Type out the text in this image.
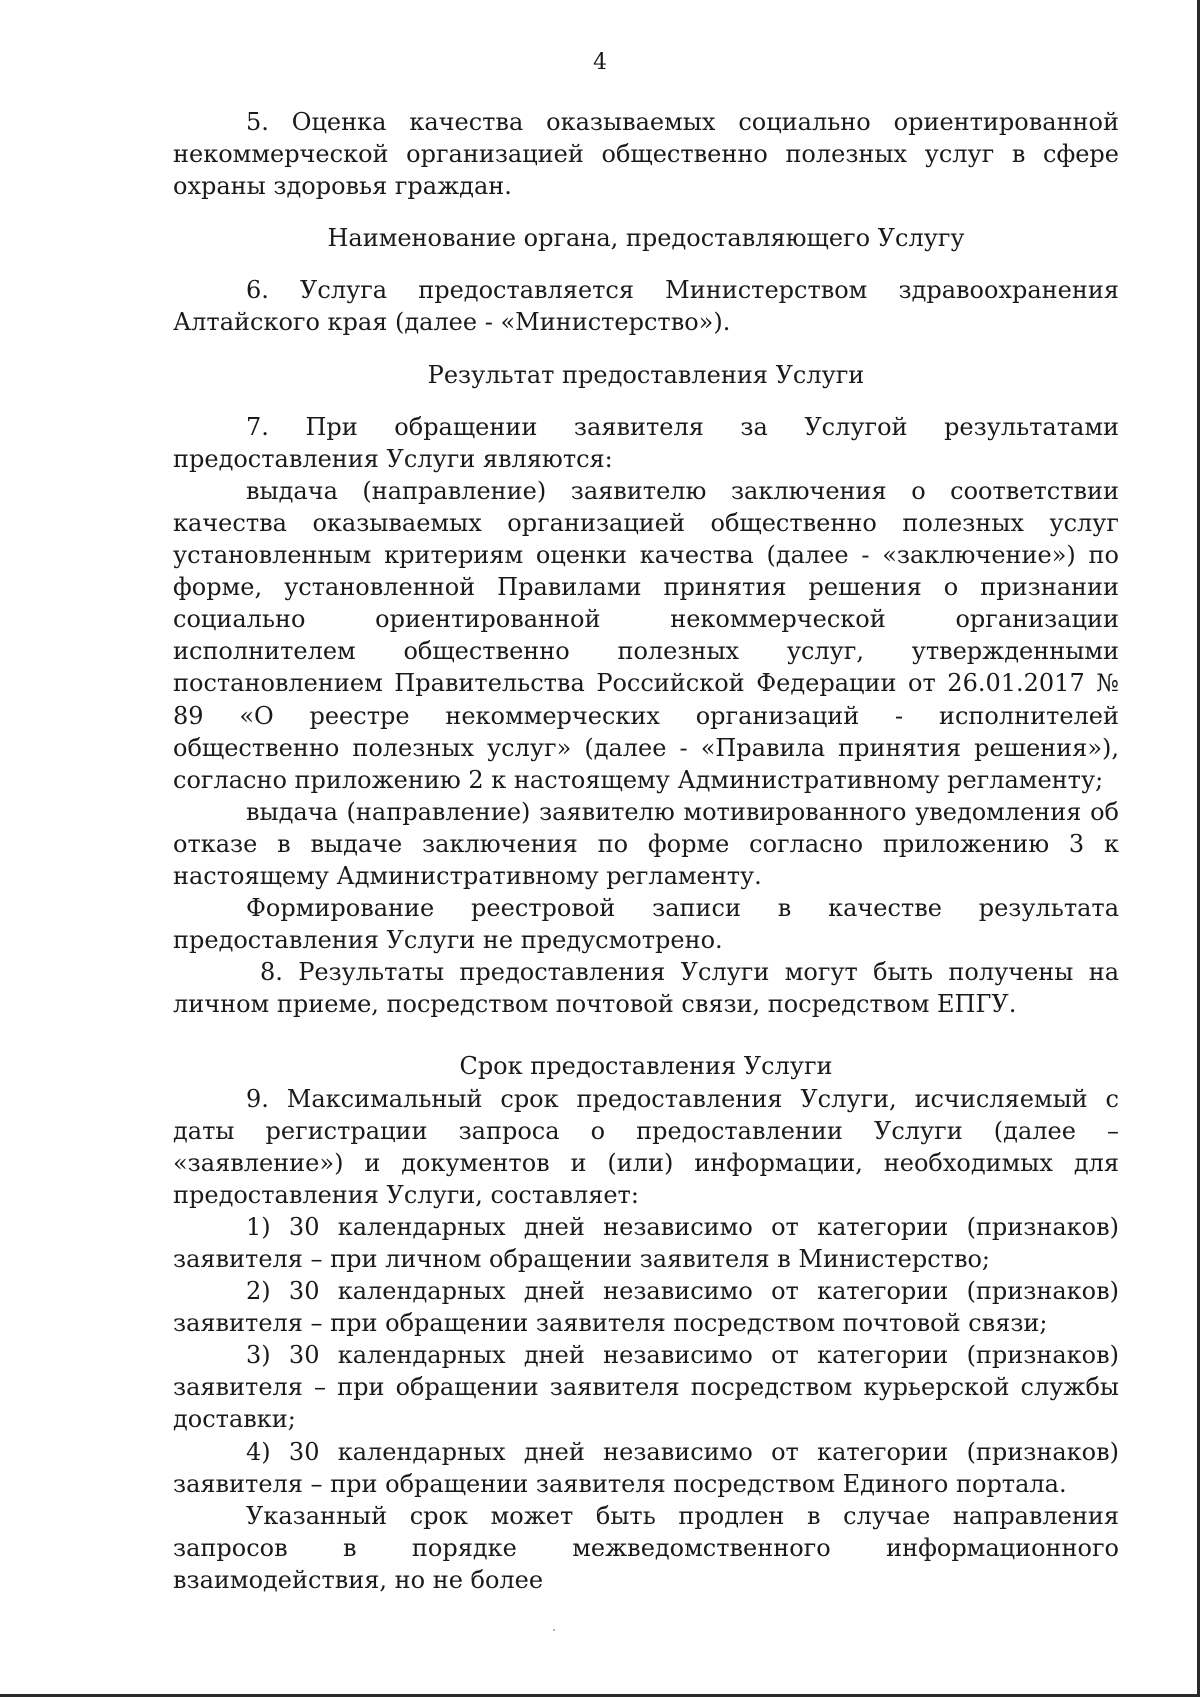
4

5. Оценка качества оказываемых социально ориентированной некоммерческой организацией общественно полезных услуг в сфере охраны здоровья граждан.

Наименование органа, предоставляющего Услугу

6. Услуга предоставляется Министерством здравоохранения Алтайского края (далее - «Министерство»).

Результат предоставления Услуги

7. При обращении заявителя за Услугой результатами предоставления Услуги являются:

выдача (направление) заявителю заключения о соответствии качества оказываемых организацией общественно полезных услуг установленным критериям оценки качества (далее - «заключение») по форме, установленной Правилами принятия решения о признании социально ориентированной некоммерческой организации исполнителем общественно полезных услуг, утвержденными постановлением Правительства Российской Федерации от 26.01.2017 № 89 «О реестре некоммерческих организаций - исполнителей общественно полезных услуг» (далее - «Правила принятия решения»), согласно приложению 2 к настоящему Административному регламенту;

выдача (направление) заявителю мотивированного уведомления об отказе в выдаче заключения по форме согласно приложению 3 к настоящему Административному регламенту.

Формирование реестровой записи в качестве результата предоставления Услуги не предусмотрено.

8. Результаты предоставления Услуги могут быть получены на личном приеме, посредством почтовой связи, посредством ЕПГУ.

Срок предоставления Услуги

9. Максимальный срок предоставления Услуги, исчисляемый с даты регистрации запроса о предоставлении Услуги (далее – «заявление») и документов и (или) информации, необходимых для предоставления Услуги, составляет:

1) 30 календарных дней независимо от категории (признаков) заявителя – при личном обращении заявителя в Министерство;

2) 30 календарных дней независимо от категории (признаков) заявителя – при обращении заявителя посредством почтовой связи;

3) 30 календарных дней независимо от категории (признаков) заявителя – при обращении заявителя посредством курьерской службы доставки;

4) 30 календарных дней независимо от категории (признаков) заявителя – при обращении заявителя посредством Единого портала.

Указанный срок может быть продлен в случае направления запросов в порядке межведомственного информационного взаимодействия, но не более
